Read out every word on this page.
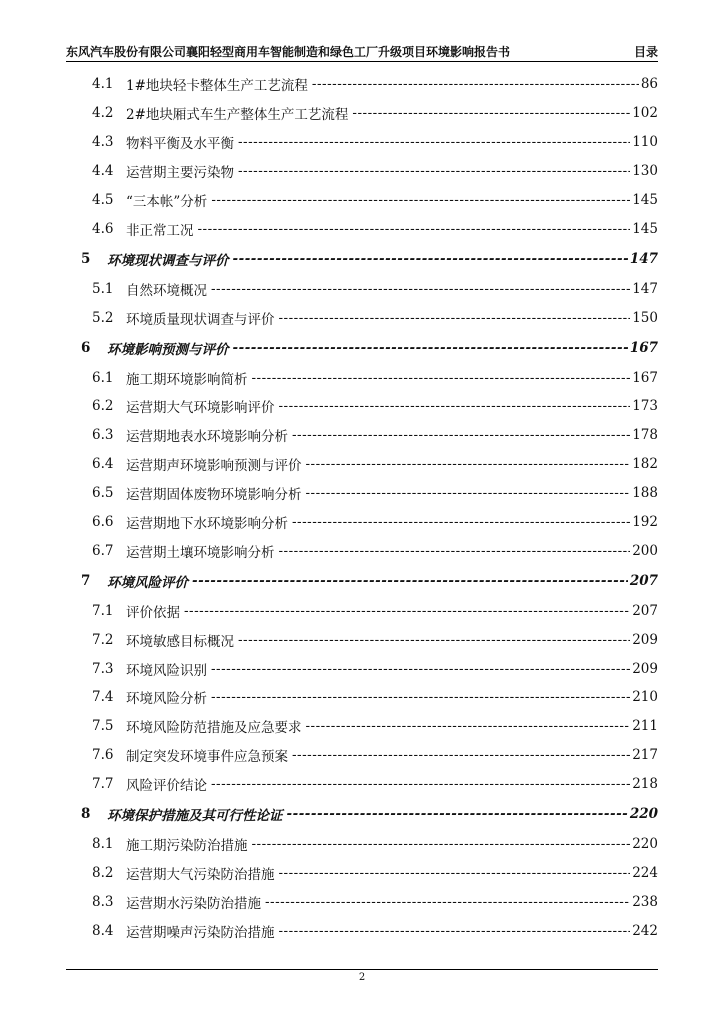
东风汽车股份有限公司襄阳轻型商用车智能制造和绿色工厂升级项目环境影响报告书	目录
4.1 1#地块轻卡整体生产工艺流程 -----	86
4.2 2#地块厢式车生产整体生产工艺流程 -----	102
4.3 物料平衡及水平衡 -----	110
4.4 运营期主要污染物 -----	130
4.5 “三本帐”分析 -----	145
4.6 非正常工况 -----	145
5	环境现状调查与评价 -----	147
5.1 自然环境概况 -----	147
5.2 环境质量现状调查与评价 -----	150
6	环境影响预测与评价 -----	167
6.1 施工期环境影响简析 -----	167
6.2 运营期大气环境影响评价 -----	173
6.3 运营期地表水环境影响分析 -----	178
6.4 运营期声环境影响预测与评价 -----	182
6.5 运营期固体废物环境影响分析 -----	188
6.6 运营期地下水环境影响分析 -----	192
6.7 运营期土壤环境影响分析 -----	200
7	环境风险评价 -----	207
7.1 评价依据 -----	207
7.2 环境敏感目标概况 -----	209
7.3 环境风险识别 -----	209
7.4 环境风险分析 -----	210
7.5 环境风险防范措施及应急要求 -----	211
7.6 制定突发环境事件应急预案 -----	217
7.7 风险评价结论 -----	218
8	环境保护措施及其可行性论证 -----	220
8.1 施工期污染防治措施 -----	220
8.2 运营期大气污染防治措施 -----	224
8.3 运营期水污染防治措施 -----	238
8.4 运营期噪声污染防治措施 -----	242
2
